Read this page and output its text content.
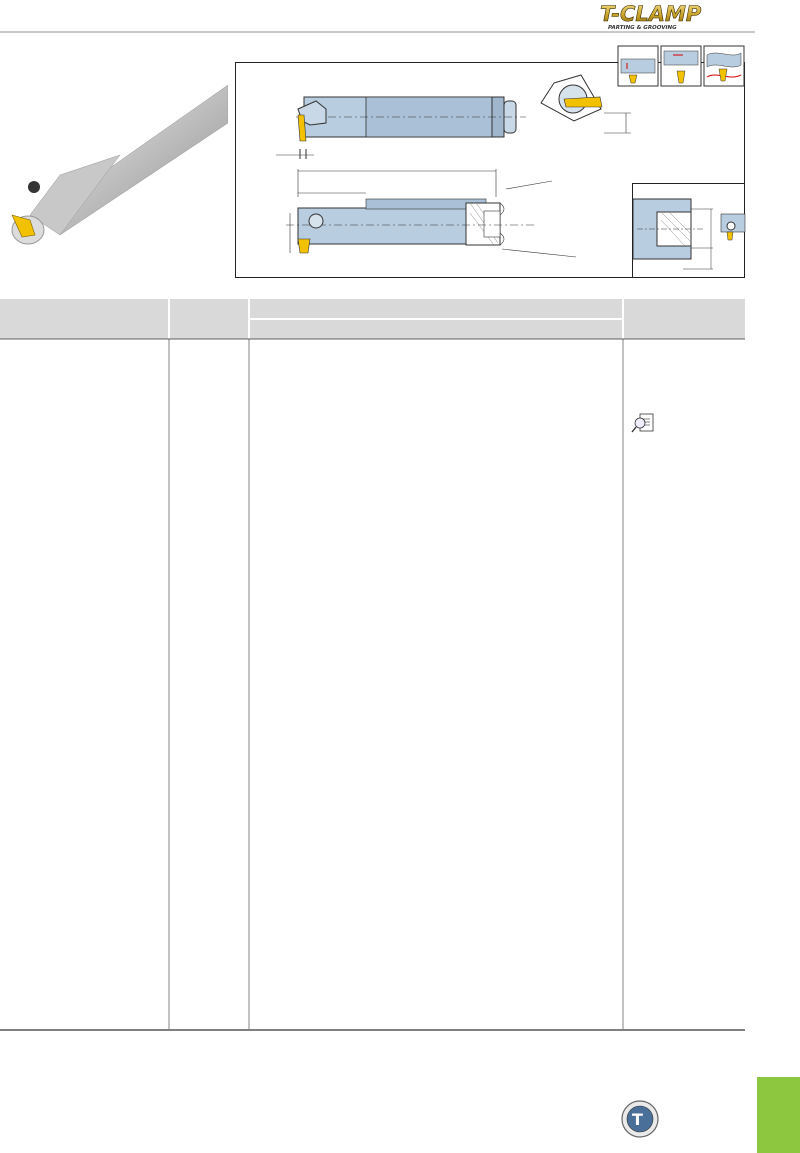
T-CLAMP
PARTING & GROOVING
T
